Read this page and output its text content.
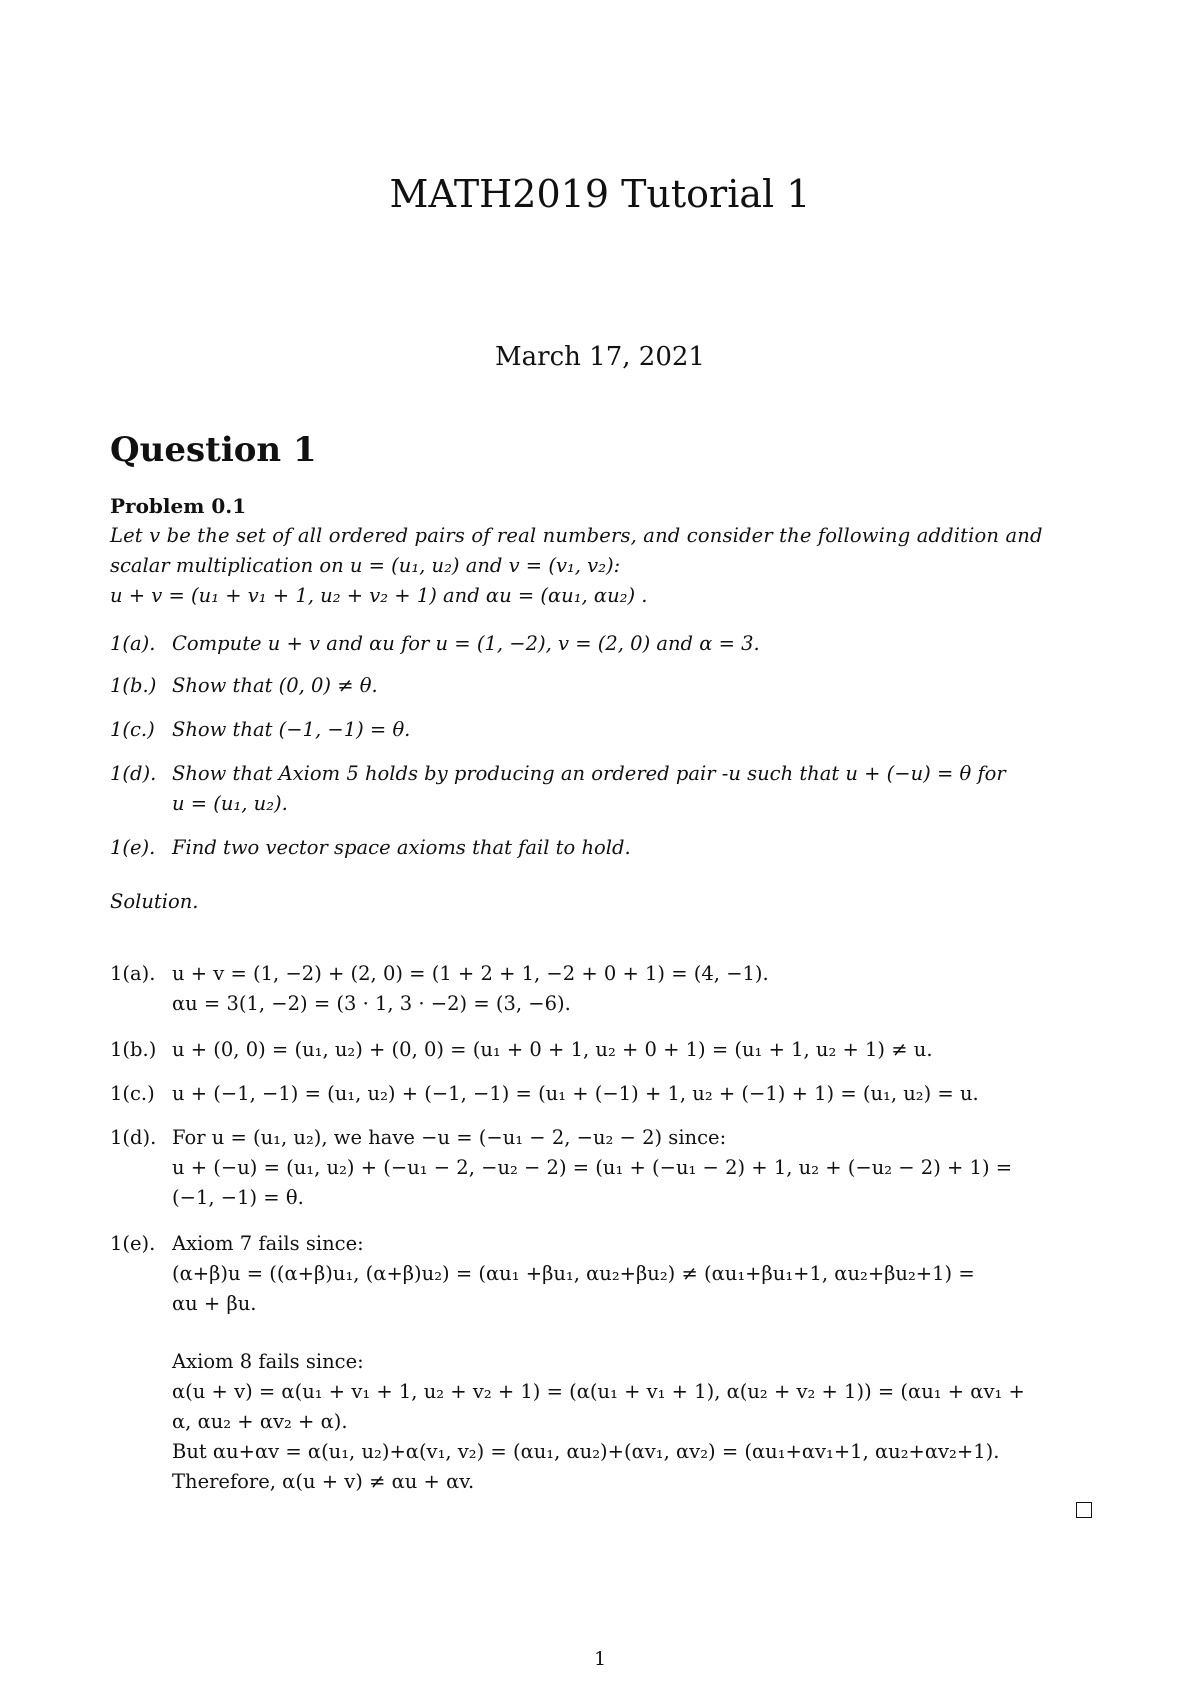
MATH2019 Tutorial 1
March 17, 2021
Question 1
Problem 0.1
Let v be the set of all ordered pairs of real numbers, and consider the following addition and
scalar multiplication on u = (u₁, u₂) and v = (v₁, v₂):
u + v = (u₁ + v₁ + 1, u₂ + v₂ + 1) and αu = (αu₁, αu₂) .
1(a). Compute u + v and αu for u = (1, −2), v = (2, 0) and α = 3.
1(b.) Show that (0, 0) ≠ θ.
1(c.) Show that (−1, −1) = θ.
1(d). Show that Axiom 5 holds by producing an ordered pair -u such that u + (−u) = θ for
u = (u₁, u₂).
1(e). Find two vector space axioms that fail to hold.
Solution.
1(a). u + v = (1, −2) + (2, 0) = (1 + 2 + 1, −2 + 0 + 1) = (4, −1).
αu = 3(1, −2) = (3 · 1, 3 · −2) = (3, −6).
1(b.) u + (0, 0) = (u₁, u₂) + (0, 0) = (u₁ + 0 + 1, u₂ + 0 + 1) = (u₁ + 1, u₂ + 1) ≠ u.
1(c.) u + (−1, −1) = (u₁, u₂) + (−1, −1) = (u₁ + (−1) + 1, u₂ + (−1) + 1) = (u₁, u₂) = u.
1(d). For u = (u₁, u₂), we have −u = (−u₁ − 2, −u₂ − 2) since:
u + (−u) = (u₁, u₂) + (−u₁ − 2, −u₂ − 2) = (u₁ + (−u₁ − 2) + 1, u₂ + (−u₂ − 2) + 1) =
(−1, −1) = θ.
1(e). Axiom 7 fails since:
(α+β)u = ((α+β)u₁, (α+β)u₂) = (αu₁ +βu₁, αu₂+βu₂) ≠ (αu₁+βu₁+1, αu₂+βu₂+1) =
αu + βu.
Axiom 8 fails since:
α(u + v) = α(u₁ + v₁ + 1, u₂ + v₂ + 1) = (α(u₁ + v₁ + 1), α(u₂ + v₂ + 1)) = (αu₁ + αv₁ +
α, αu₂ + αv₂ + α).
But αu+αv = α(u₁, u₂)+α(v₁, v₂) = (αu₁, αu₂)+(αv₁, αv₂) = (αu₁+αv₁+1, αu₂+αv₂+1).
Therefore, α(u + v) ≠ αu + αv.
1
